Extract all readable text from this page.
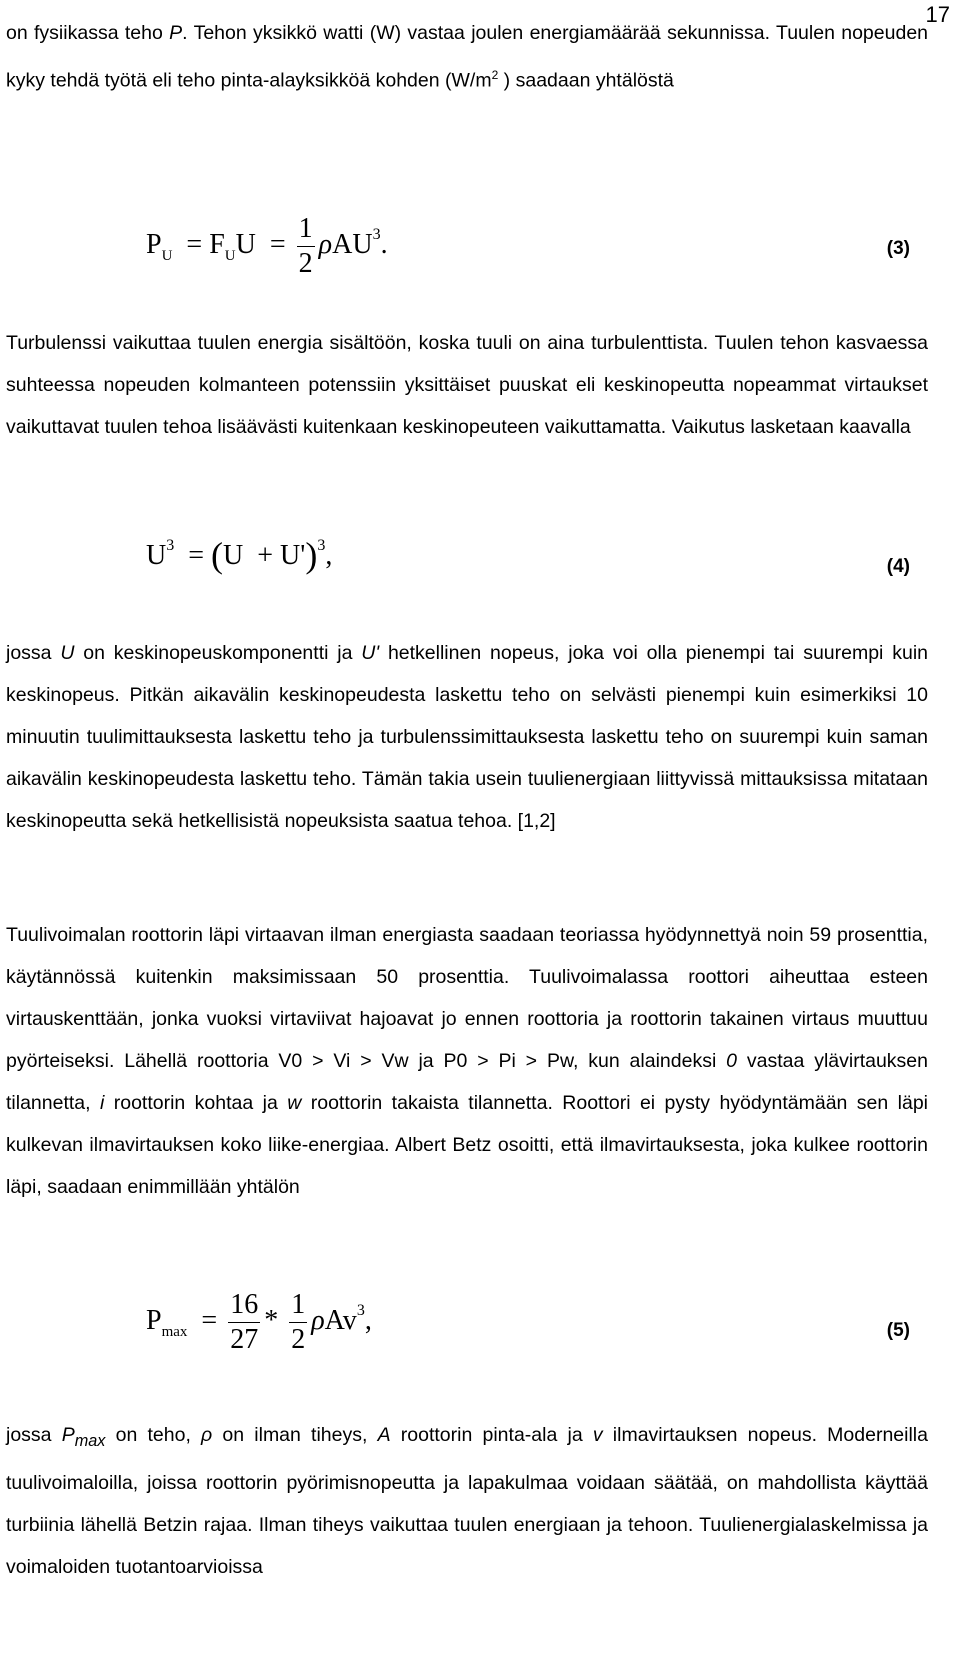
17

on fysiikassa teho P. Tehon yksikkö watti (W) vastaa joulen energiamäärää sekunnissa. Tuulen nopeuden kyky tehdä työtä eli teho pinta-alayksikköä kohden ($W/m^2$ ) saadaan yhtälöstä

$P_U = F_UU = \frac{1}{2} \rho AU^3$.	(3)

Turbulenssi vaikuttaa tuulen energia sisältöön, koska tuuli on aina turbulenttista. Tuulen tehon kasvaessa suhteessa nopeuden kolmanteen potenssiin yksittäiset puuskat eli keskinopeutta nopeammat virtaukset vaikuttavat tuulen tehoa lisäävästi kuitenkaan keskinopeuteen vaikuttamatta. Vaikutus lasketaan kaavalla

$U^3 = (U + U')^3$,	(4)

jossa U on keskinopeuskomponentti ja U' hetkellinen nopeus, joka voi olla pienempi tai suurempi kuin keskinopeus. Pitkän aikavälin keskinopeudesta laskettu teho on selvästi pienempi kuin esimerkiksi 10 minuutin tuulimittauksesta laskettu teho ja turbulenssimittauksesta laskettu teho on suurempi kuin saman aikavälin keskinopeudesta laskettu teho. Tämän takia usein tuulienergiaan liittyvissä mittauksissa mitataan keskinopeutta sekä hetkellisistä nopeuksista saatua tehoa. [1,2]

Tuulivoimalan roottorin läpi virtaavan ilman energiasta saadaan teoriassa hyödynnettyä noin 59 prosenttia, käytännössä kuitenkin maksimissaan 50 prosenttia. Tuulivoimalassa roottori aiheuttaa esteen virtauskenttään, jonka vuoksi virtaviivat hajoavat jo ennen roottoria ja roottorin takainen virtaus muuttuu pyörteiseksi. Lähellä roottoria V0 > Vi > Vw ja P0 > Pi > Pw, kun alaindeksi 0 vastaa ylävirtauksen tilannetta, i roottorin kohtaa ja w roottorin takaista tilannetta. Roottori ei pysty hyödyntämään sen läpi kulkevan ilmavirtauksen koko liike-energiaa. Albert Betz osoitti, että ilmavirtauksesta, joka kulkee roottorin läpi, saadaan enimmillään yhtälön

$P_{max} = \frac{16}{27} * \frac{1}{2} \rho Av^3$,	(5)

jossa $P_{max}$ on teho, ρ on ilman tiheys, A roottorin pinta-ala ja v ilmavirtauksen nopeus. Moderneilla tuulivoimaloilla, joissa roottorin pyörimisnopeutta ja lapakulmaa voidaan säätää, on mahdollista käyttää turbiinia lähellä Betzin rajaa. Ilman tiheys vaikuttaa tuulen energiaan ja tehoon. Tuulienergialaskelmissa ja voimaloiden tuotantoarvioissa
